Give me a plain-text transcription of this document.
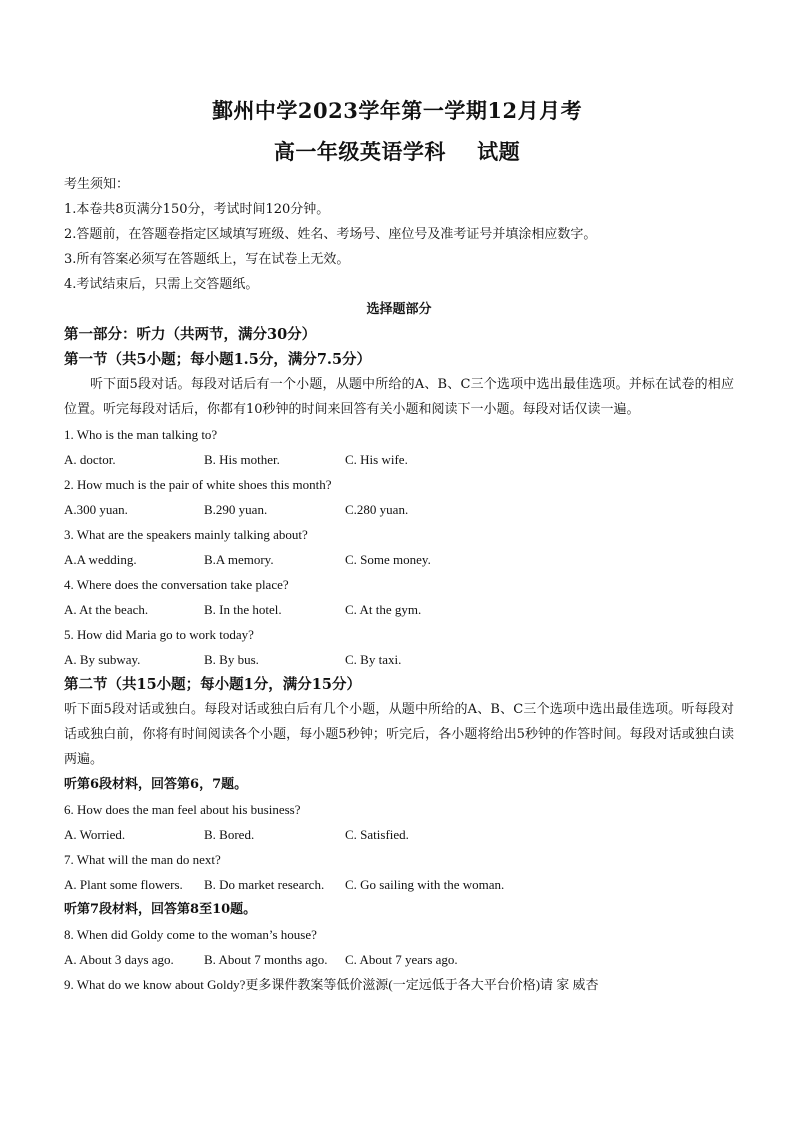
鄞州中学2023学年第一学期12月月考
高一年级英语学科    试题
考生须知：
1.本卷共8页满分150分，考试时间120分钟。
2.答题前，在答题卷指定区域填写班级、姓名、考场号、座位号及准考证号并填涂相应数字。
3.所有答案必须写在答题纸上，写在试卷上无效。
4.考试结束后，只需上交答题纸。
选择题部分
第一部分：听力（共两节，满分30分）
第一节（共5小题；每小题1.5分，满分7.5分）
听下面5段对话。每段对话后有一个小题，从题中所给的A、B、C三个选项中选出最佳选项。并标在试卷的相应位置。听完每段对话后，你都有10秒钟的时间来回答有关小题和阅读下一小题。每段对话仅读一遍。
1. Who is the man talking to?
A. doctor.	B. His mother.	C. His wife.
2. How much is the pair of white shoes this month?
A.300 yuan.	B.290 yuan.	C.280 yuan.
3. What are the speakers mainly talking about?
A.A wedding.	B.A memory.	C. Some money.
4. Where does the conversation take place?
A. At the beach.	B. In the hotel.	C. At the gym.
5. How did Maria go to work today?
A. By subway.	B. By bus.	C. By taxi.
第二节（共15小题；每小题1分，满分15分）
听下面5段对话或独白。每段对话或独白后有几个小题，从题中所给的A、B、C三个选项中选出最佳选项。听每段对话或独白前，你将有时间阅读各个小题，每小题5秒钟；听完后，各小题将给出5秒钟的作答时间。每段对话或独白读两遍。
听第6段材料，回答第6，7题。
6. How does the man feel about his business?
A. Worried.	B. Bored.	C. Satisfied.
7. What will the man do next?
A. Plant some flowers.	B. Do market research.	C. Go sailing with the woman.
听第7段材料，回答第8至10题。
8. When did Goldy come to the woman’s house?
A. About 3 days ago.	B. About 7 months ago.	C. About 7 years ago.
9. What do we know about Goldy?更多课件教案等低价滋源(一定远低于各大平台价格)请 家 威杏
